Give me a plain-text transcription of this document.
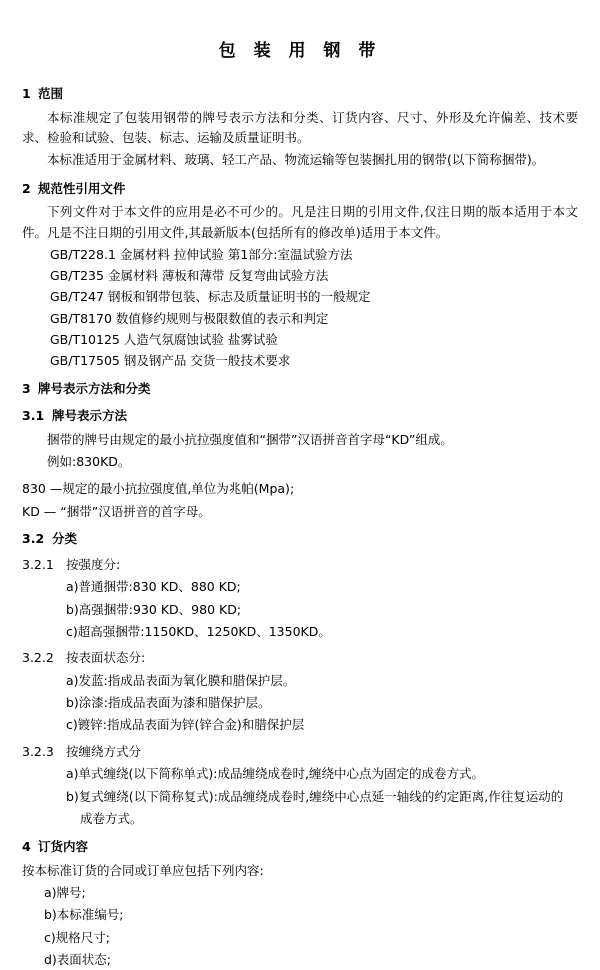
包 装 用 钢 带
1 范围

本标准规定了包装用钢带的牌号表示方法和分类、订货内容、尺寸、外形及允许偏差、技术要求、检验和试验、包装、标志、运输及质量证明书。

本标准适用于金属材料、玻璃、轻工产品、物流运输等包装捆扎用的钢带(以下简称捆带)。

2 规范性引用文件

下列文件对于本文件的应用是必不可少的。凡是注日期的引用文件,仅注日期的版本适用于本文件。凡是不注日期的引用文件,其最新版本(包括所有的修改单)适用于本文件。

GB/T228.1 金属材料 拉伸试验 第1部分:室温试验方法

GB/T235 金属材料 薄板和薄带 反复弯曲试验方法

GB/T247 钢板和钢带包装、标志及质量证明书的一般规定

GB/T8170 数值修约规则与极限数值的表示和判定

GB/T10125 人造气氛腐蚀试验 盐雾试验

GB/T17505 钢及钢产品 交货一般技术要求

3 牌号表示方法和分类
3.1 牌号表示方法

捆带的牌号由规定的最小抗拉强度值和“捆带”汉语拼音首字母“KD”组成。

例如:830KD。

830 —规定的最小抗拉强度值,单位为兆帕(Mpa);

KD — “捆带”汉语拼音的首字母。

3.2 分类
3.2.1 按强度分:

a)普通捆带:830 KD、880 KD;

b)高强捆带:930 KD、980 KD;

c)超高强捆带:1150KD、1250KD、1350KD。

3.2.2 按表面状态分:

a)发蓝:指成品表面为氧化膜和腊保护层。

b)涂漆:指成品表面为漆和腊保护层。

c)镀锌:指成品表面为锌(锌合金)和腊保护层

3.2.3 按缠绕方式分

a)单式缠绕(以下简称单式):成品缠绕成卷时,缠绕中心点为固定的成卷方式。

b)复式缠绕(以下简称复式):成品缠绕成卷时,缠绕中心点延一轴线的约定距离,作往复运动的

成卷方式。

4 订货内容

按本标准订货的合同或订单应包括下列内容:

a)牌号;

b)本标准编号;

c)规格尺寸;

d)表面状态;
